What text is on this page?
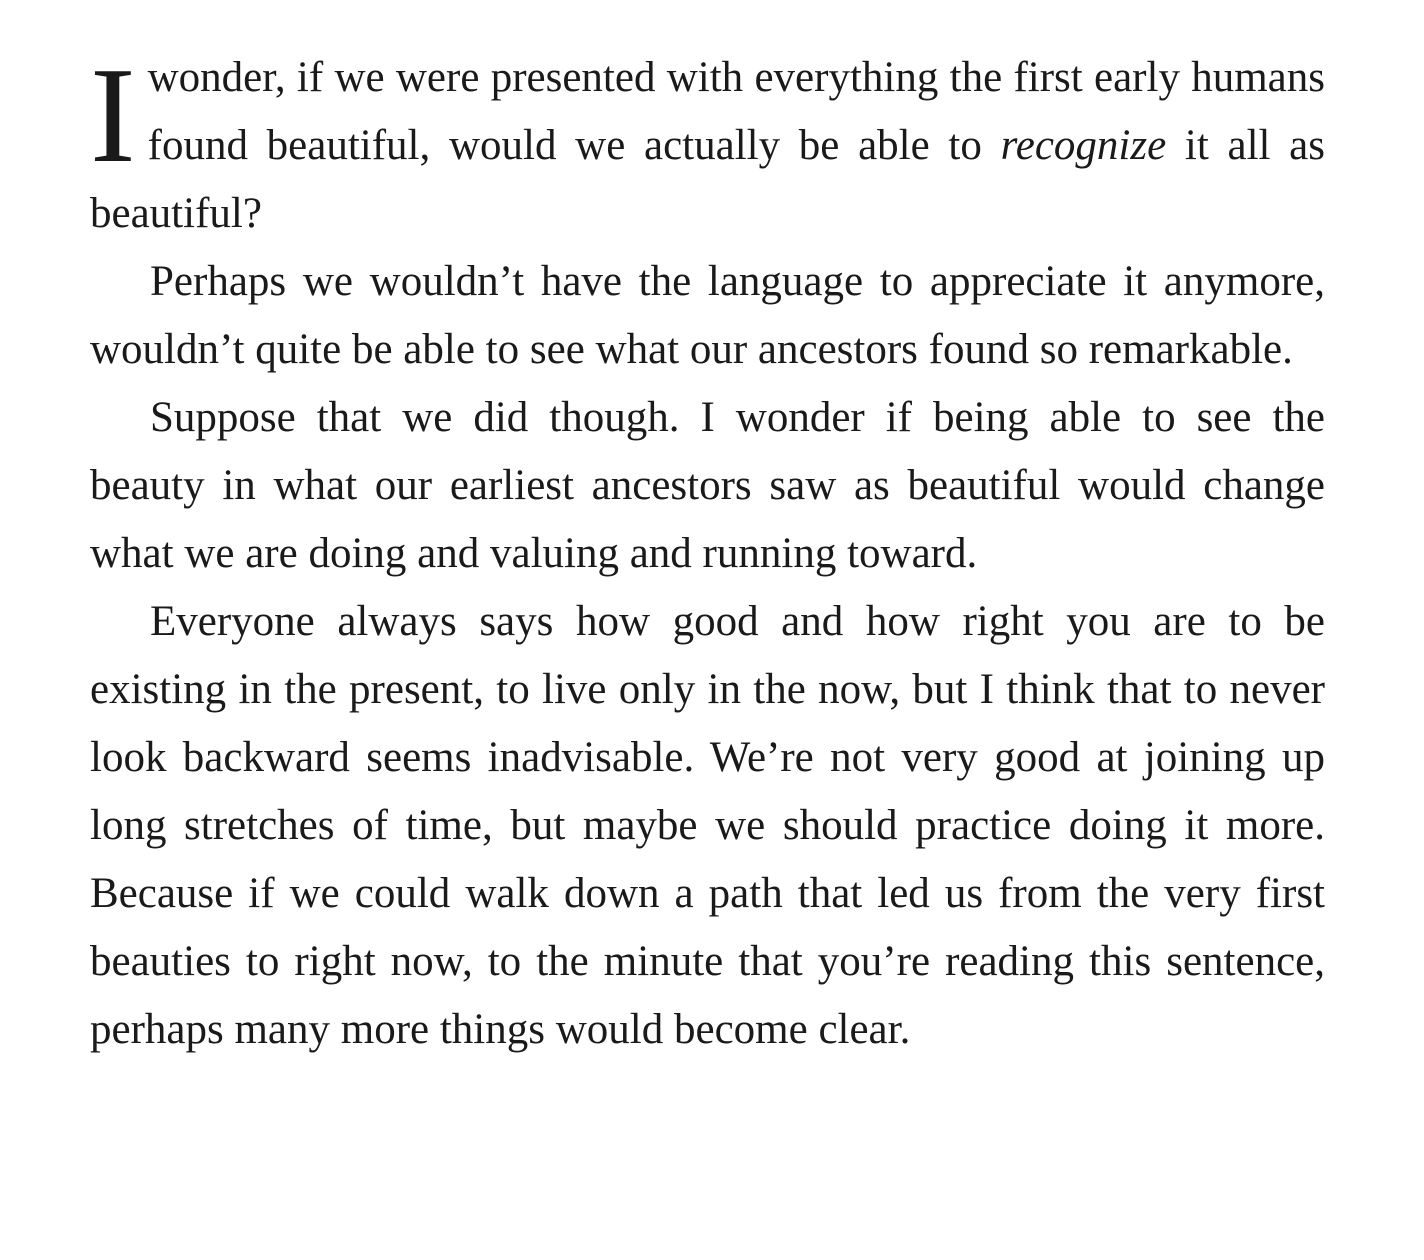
Iwonder, if we were presented with everything the first early humans found beautiful, would we actually be able to recognize it all as beautiful?

Perhaps we wouldn’t have the language to appreciate it anymore, wouldn’t quite be able to see what our ancestors found so remarkable.

Suppose that we did though. I wonder if being able to see the beauty in what our earliest ancestors saw as beautiful would change what we are doing and valuing and running toward.

Everyone always says how good and how right you are to be existing in the present, to live only in the now, but I think that to never look backward seems inadvisable. We’re not very good at joining up long stretches of time, but maybe we should practice doing it more. Because if we could walk down a path that led us from the very first beauties to right now, to the minute that you’re reading this sentence, perhaps many more things would become clear.
